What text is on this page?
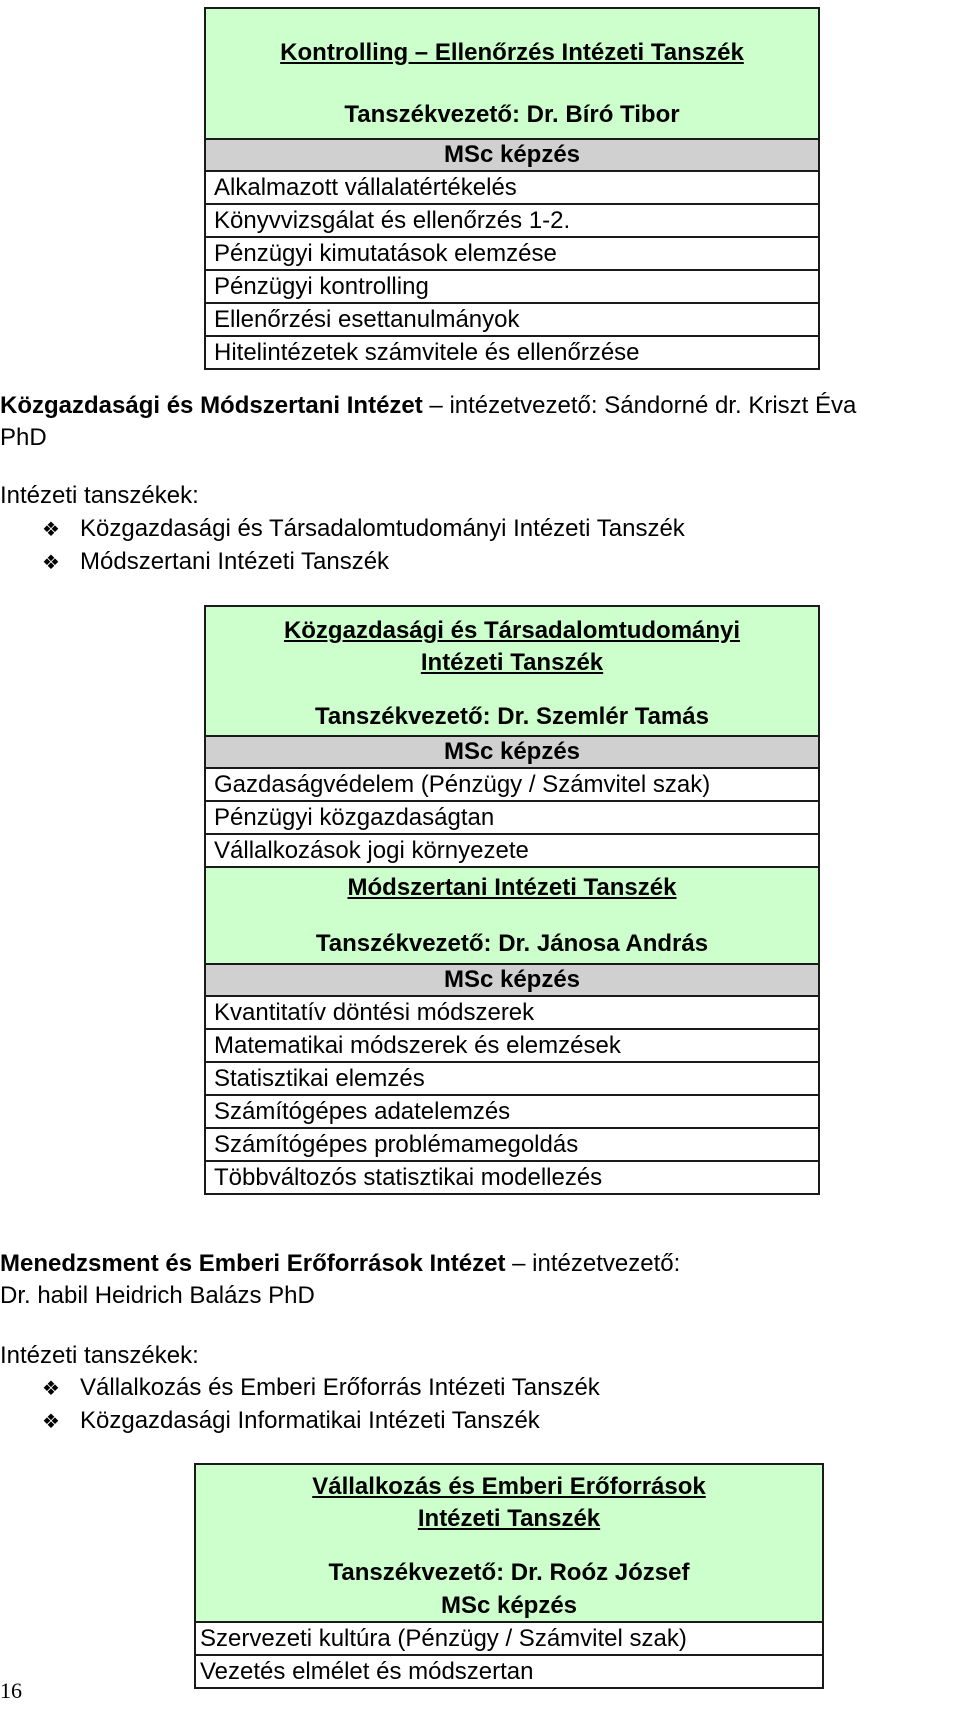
Kontrolling – Ellenőrzés Intézeti Tanszék
Tanszékvezető: Dr. Bíró Tibor
MSc képzés
Alkalmazott vállalatértékelés
Könyvvizsgálat és ellenőrzés 1-2.
Pénzügyi kimutatások elemzése
Pénzügyi kontrolling
Ellenőrzési esettanulmányok
Hitelintézetek számvitele és ellenőrzése
Közgazdasági és Módszertani Intézet – intézetvezető: Sándorné dr. Kriszt Éva
PhD
Intézeti tanszékek:
❖ Közgazdasági és Társadalomtudományi Intézeti Tanszék
❖ Módszertani Intézeti Tanszék
Közgazdasági és Társadalomtudományi
Intézeti Tanszék
Tanszékvezető: Dr. Szemlér Tamás
MSc képzés
Gazdaságvédelem (Pénzügy / Számvitel szak)
Pénzügyi közgazdaságtan
Vállalkozások jogi környezete
Módszertani Intézeti Tanszék
Tanszékvezető: Dr. Jánosa András
MSc képzés
Kvantitatív döntési módszerek
Matematikai módszerek és elemzések
Statisztikai elemzés
Számítógépes adatelemzés
Számítógépes problémamegoldás
Többváltozós statisztikai modellezés
Menedzsment és Emberi Erőforrások Intézet – intézetvezető:
Dr. habil Heidrich Balázs PhD
Intézeti tanszékek:
❖ Vállalkozás és Emberi Erőforrás Intézeti Tanszék
❖ Közgazdasági Informatikai Intézeti Tanszék
Vállalkozás és Emberi Erőforrások
Intézeti Tanszék
Tanszékvezető: Dr. Roóz József
MSc képzés
Szervezeti kultúra (Pénzügy / Számvitel szak)
Vezetés elmélet és módszertan
16
